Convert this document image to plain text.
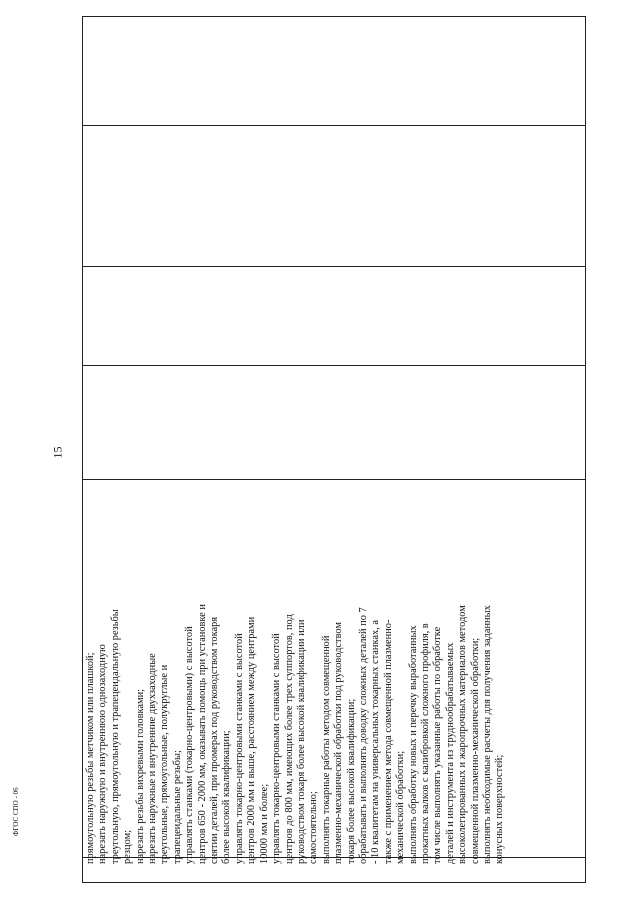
15

прямоугольную резьбы метчиком или плашкой; нарезать наружную и внутреннюю однозаходную треугольную, прямоугольную и трапецеидальную резьбы резцом; нарезать резьбы вихревыми головками; нарезать наружные и внутренние двухзаходные треугольные, прямоугольные, полукруглые и трапецеидальные резьбы; управлять станками (токарно-центровыми) с высотой центров 650 - 2000 мм, оказывать помощь при установке и снятии деталей, при промерах под руководством токаря более высокой квалификации; управлять токарно-центровыми станками с высотой центров 2000 мм и выше, расстоянием между центрами 10000 мм и более; управлять токарно-центровыми станками с высотой центров до 800 мм, имеющих более трех суппортов, под руководством токаря более высокой квалификации или самостоятельно; выполнять токарные работы методом совмещенной плазменно-механической обработки под руководством токаря более высокой квалификации; обрабатывать и выполнять доводку сложных деталей по 7 - 10 квалитетам на универсальных токарных станках, а также с применением метода совмещенной плазменно- механической обработки; выполнять обработку новых и перечку выработанных прокатных валков с калибровкой сложного профиля, в том числе выполнять указанные работы по обработке деталей и инструмента из труднообрабатываемых высоколегированных и жаропрочных материалов методом совмещенной плазменно-механической обработки; выполнять необходимые расчеты для получения заданных конусных поверхностей;

ФГОС СПО - 06
